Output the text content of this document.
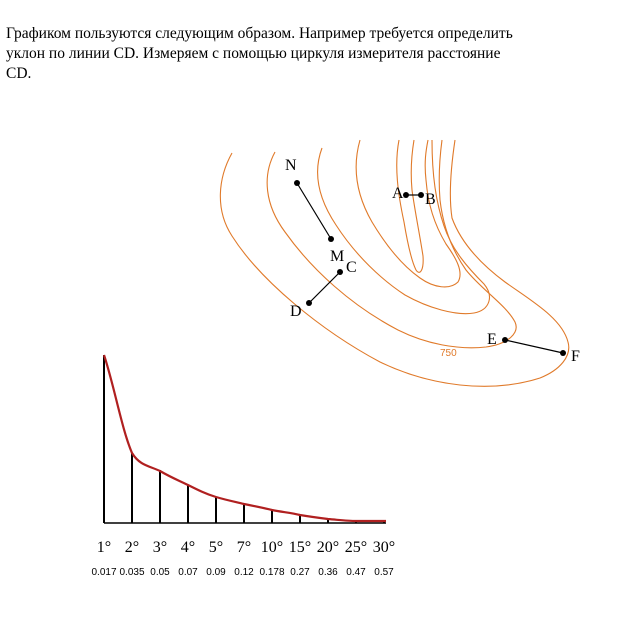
Графиком пользуются следующим образом. Например требуется определить
уклон по линии CD. Измеряем с помощью циркуля измерителя расстояние
CD.
750
N
M
A B
C
D
E
F
1° 2° 3° 4° 5° 7° 10° 15° 20° 25° 30°
0.017 0.035 0.05 0.07 0.09 0.12 0.178 0.27 0.36 0.47 0.57
